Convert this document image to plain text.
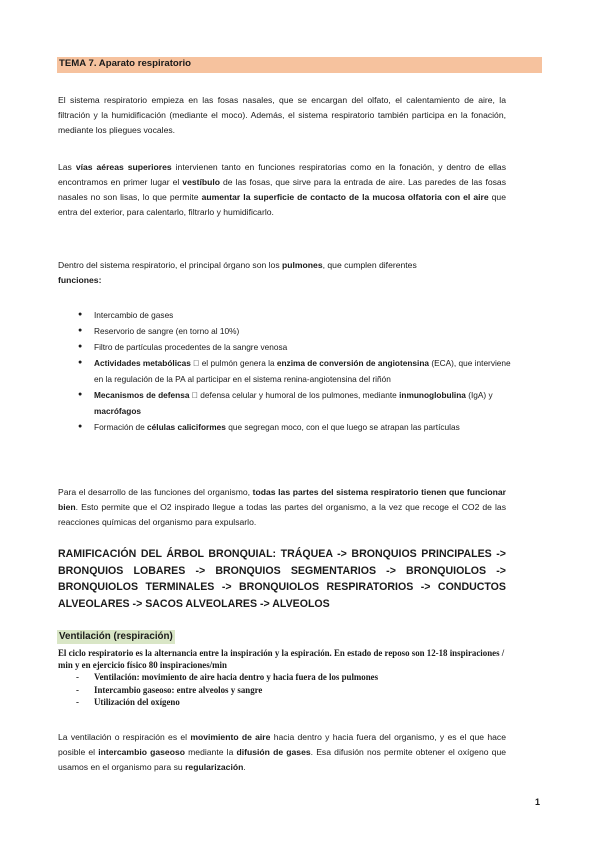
TEMA 7. Aparato respiratorio

El sistema respiratorio empieza en las fosas nasales, que se encargan del olfato, el calentamiento de aire, la filtración y la humidificación (mediante el moco). Además, el sistema respiratorio también participa en la fonación, mediante los pliegues vocales.

Las vías aéreas superiores intervienen tanto en funciones respiratorias como en la fonación, y dentro de ellas encontramos en primer lugar el vestíbulo de las fosas, que sirve para la entrada de aire. Las paredes de las fosas nasales no son lisas, lo que permite aumentar la superficie de contacto de la mucosa olfatoria con el aire que entra del exterior, para calentarlo, filtrarlo y humidificarlo.

Dentro del sistema respiratorio, el principal órgano son los pulmones, que cumplen diferentes
funciones:

● Intercambio de gases
● Reservorio de sangre (en torno al 10%)
● Filtro de partículas procedentes de la sangre venosa
● Actividades metabólicas el pulmón genera la enzima de conversión de angiotensina (ECA), que interviene en la regulación de la PA al participar en el sistema renina-angiotensina del riñón
● Mecanismos de defensa defensa celular y humoral de los pulmones, mediante inmunoglobulina (IgA) y macrófagos
● Formación de células caliciformes que segregan moco, con el que luego se atrapan las partículas

Para el desarrollo de las funciones del organismo, todas las partes del sistema respiratorio tienen que funcionar bien. Esto permite que el O2 inspirado llegue a todas las partes del organismo, a la vez que recoge el CO2 de las reacciones químicas del organismo para expulsarlo.

RAMIFICACIÓN DEL ÁRBOL BRONQUIAL: TRÁQUEA -> BRONQUIOS PRINCIPALES -> BRONQUIOS LOBARES -> BRONQUIOS SEGMENTARIOS -> BRONQUIOLOS -> BRONQUIOLOS TERMINALES -> BRONQUIOLOS RESPIRATORIOS -> CONDUCTOS ALVEOLARES -> SACOS ALVEOLARES -> ALVEOLOS

Ventilación (respiración)

El ciclo respiratorio es la alternancia entre la inspiración y la espiración. En estado de reposo son 12-18 inspiraciones / min y en ejercicio físico 80 inspiraciones/min

- Ventilación: movimiento de aire hacia dentro y hacia fuera de los pulmones
- Intercambio gaseoso: entre alveolos y sangre
- Utilización del oxígeno

La ventilación o respiración es el movimiento de aire hacia dentro y hacia fuera del organismo, y es el que hace posible el intercambio gaseoso mediante la difusión de gases. Esa difusión nos permite obtener el oxígeno que usamos en el organismo para su regularización.

1
